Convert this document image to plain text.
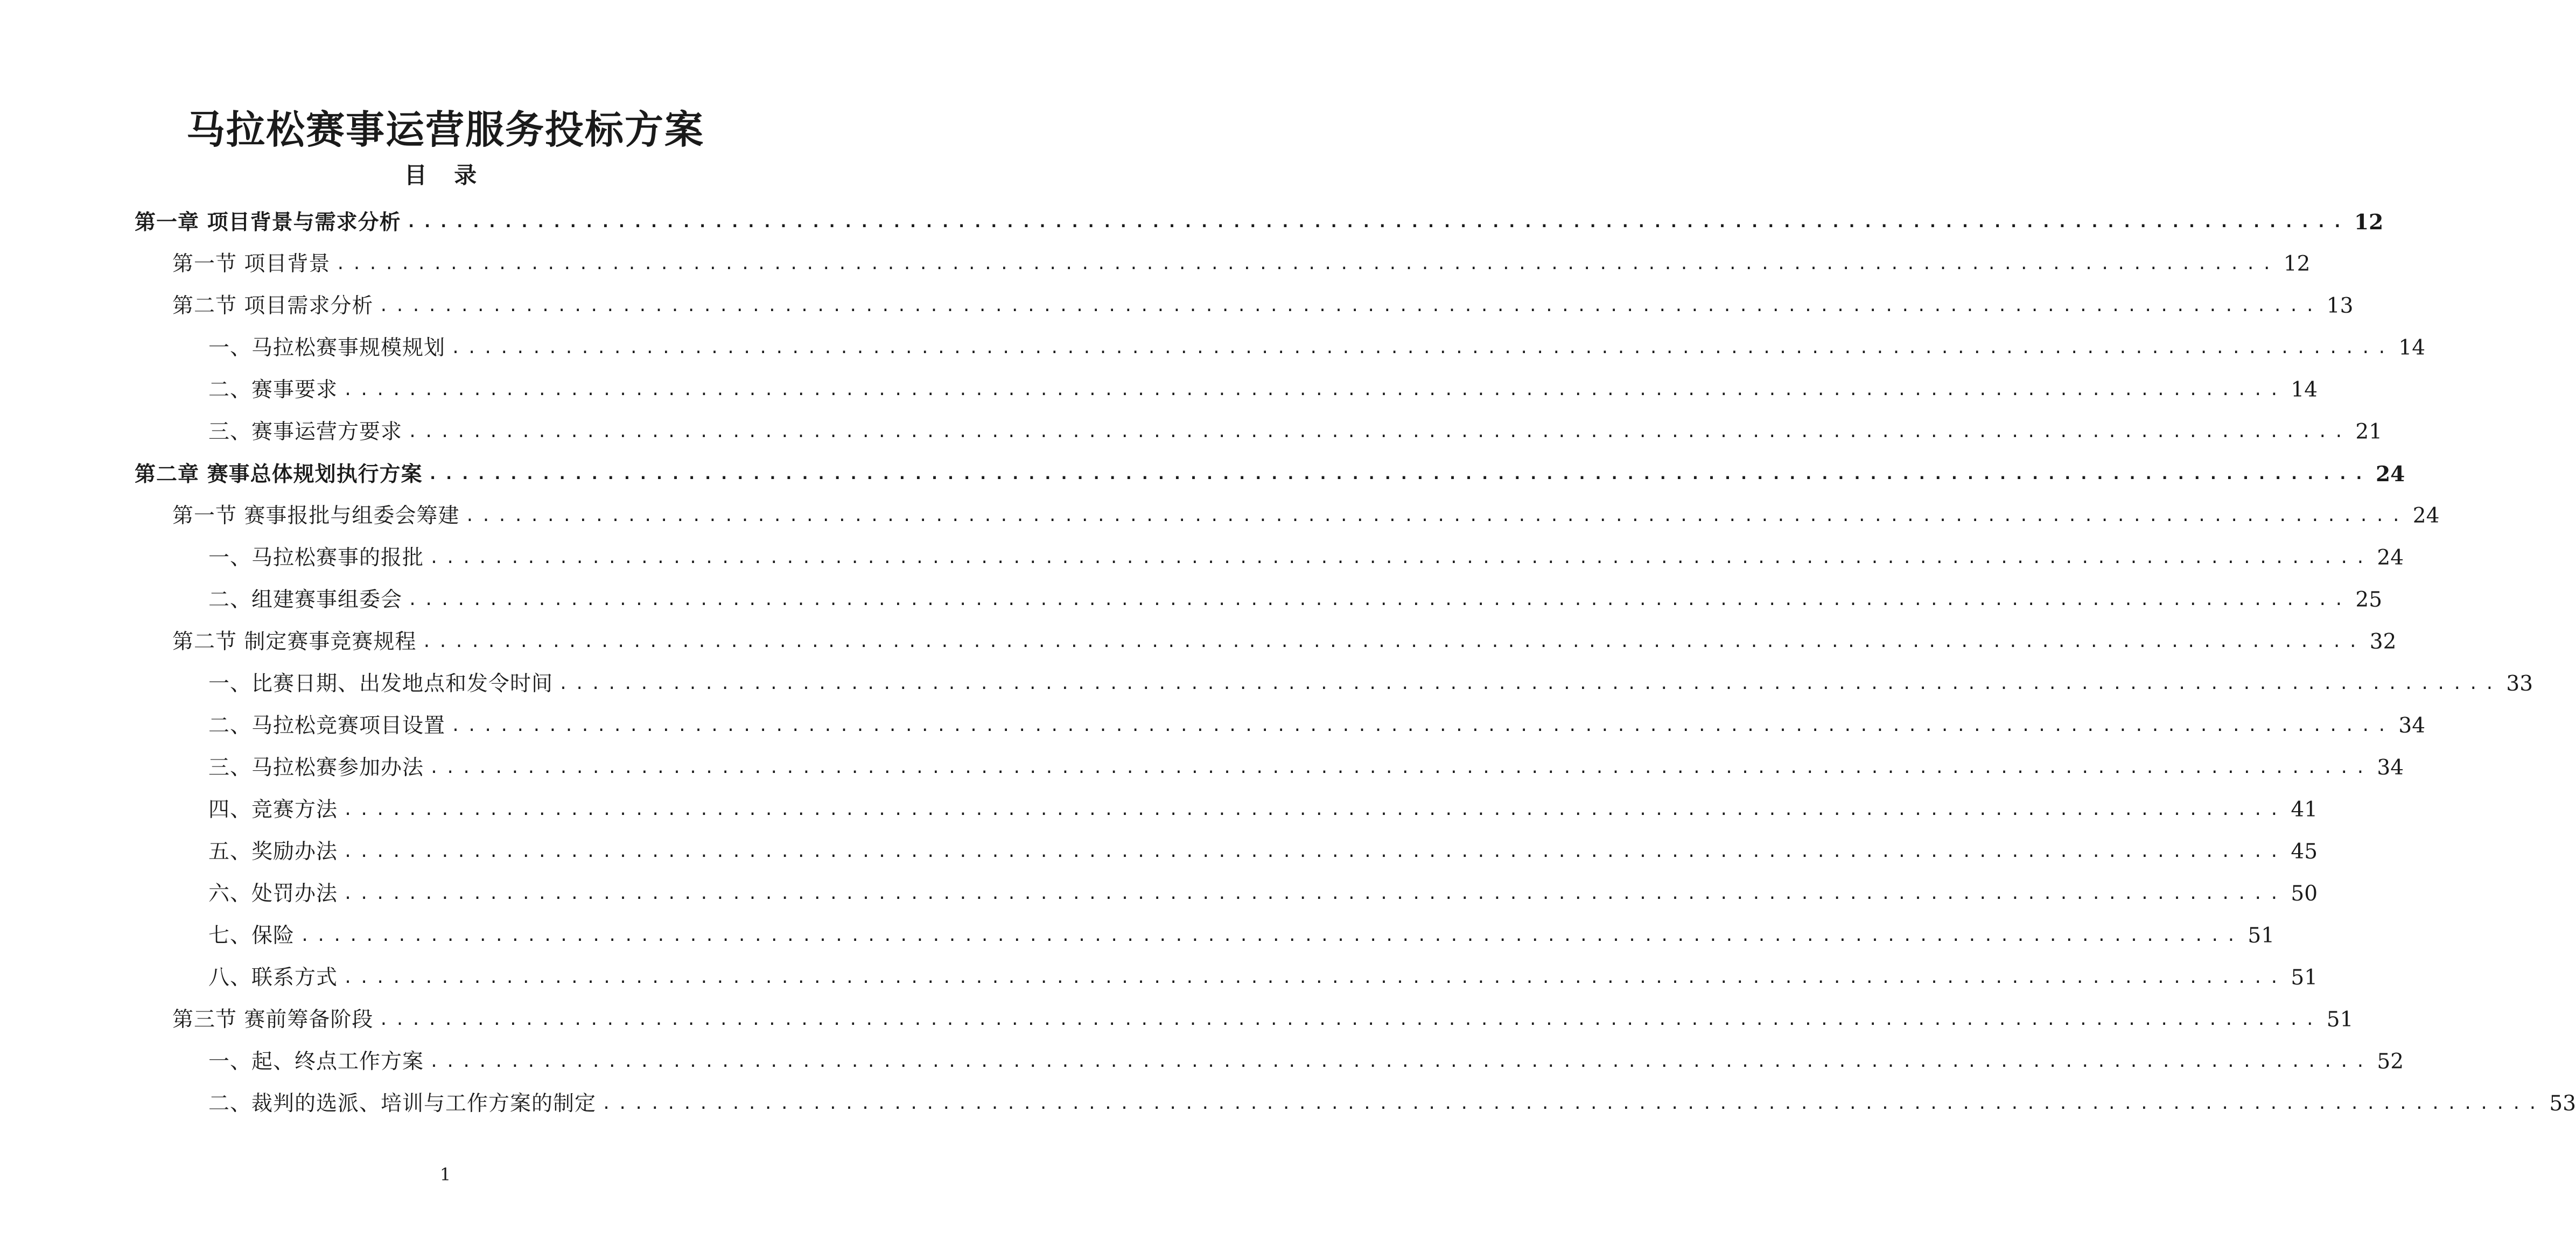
马拉松赛事运营服务投标方案
目 录
第一章 项目背景与需求分析 ........................................................................................................................ 12
第一节 项目背景 ........................................................................................................................ 12
第二节 项目需求分析 ........................................................................................................................ 13
一、马拉松赛事规模规划 ........................................................................................................................ 14
二、赛事要求 ........................................................................................................................ 14
三、赛事运营方要求 ........................................................................................................................ 21
第二章 赛事总体规划执行方案 ........................................................................................................................ 24
第一节 赛事报批与组委会筹建 ........................................................................................................................ 24
一、马拉松赛事的报批 ........................................................................................................................ 24
二、组建赛事组委会 ........................................................................................................................ 25
第二节 制定赛事竞赛规程 ........................................................................................................................ 32
一、比赛日期、出发地点和发令时间 ........................................................................................................................ 33
二、马拉松竞赛项目设置 ........................................................................................................................ 34
三、马拉松赛参加办法 ........................................................................................................................ 34
四、竞赛方法 ........................................................................................................................ 41
五、奖励办法 ........................................................................................................................ 45
六、处罚办法 ........................................................................................................................ 50
七、保险 ........................................................................................................................ 51
八、联系方式 ........................................................................................................................ 51
第三节 赛前筹备阶段 ........................................................................................................................ 51
一、起、终点工作方案 ........................................................................................................................ 52
二、裁判的选派、培训与工作方案的制定 ........................................................................................................................ 53
1
